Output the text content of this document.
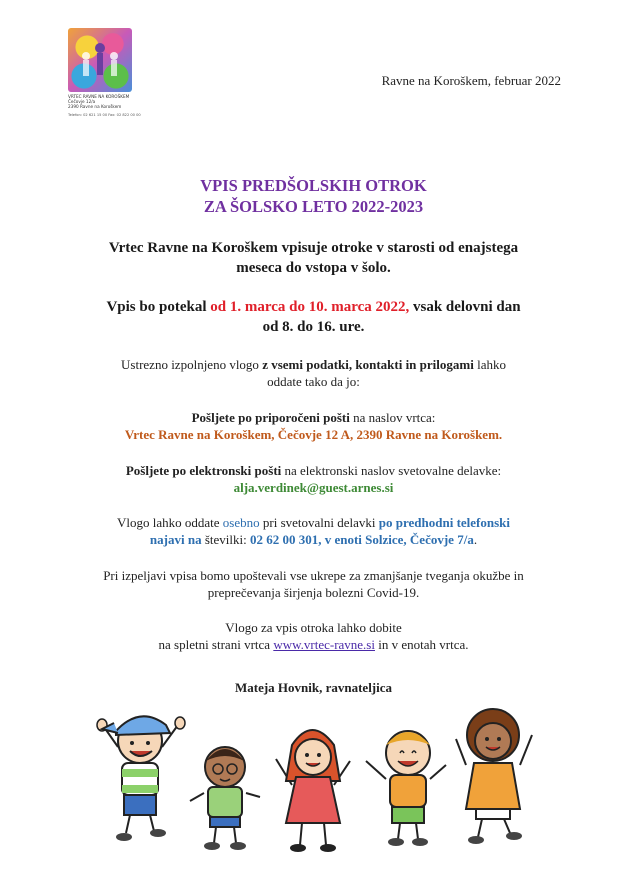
VRTEC RAVNE NA KOROŠKEM
Čečovje 12/a
2390 Ravne na Koroškem
Telefon: 02 621 15 00 Fax: 02 822 00 00
Ravne na Koroškem, februar 2022
VPIS PREDŠOLSKIH OTROK
ZA ŠOLSKO LETO 2022-2023
Vrtec Ravne na Koroškem vpisuje otroke v starosti od enajstega
meseca do vstopa v šolo.
Vpis bo potekal od 1. marca do 10. marca 2022, vsak delovni dan
od 8. do 16. ure.
Ustrezno izpolnjeno vlogo z vsemi podatki, kontakti in prilogami lahko
oddate tako da jo:
Pošljete po priporočeni pošti na naslov vrtca:
Vrtec Ravne na Koroškem, Čečovje 12 A, 2390 Ravne na Koroškem.
Pošljete po elektronski pošti na elektronski naslov svetovalne delavke:
alja.verdinek@guest.arnes.si
Vlogo lahko oddate osebno pri svetovalni delavki po predhodni telefonski
najavi na številki: 02 62 00 301, v enoti Solzice, Čečovje 7/a.
Pri izpeljavi vpisa bomo upoštevali vse ukrepe za zmanjšanje tveganja okužbe in
preprečevanja širjenja bolezni Covid-19.
Vlogo za vpis otroka lahko dobite
na spletni strani vrtca www.vrtec-ravne.si in v enotah vrtca.
Mateja Hovnik, ravnateljica
